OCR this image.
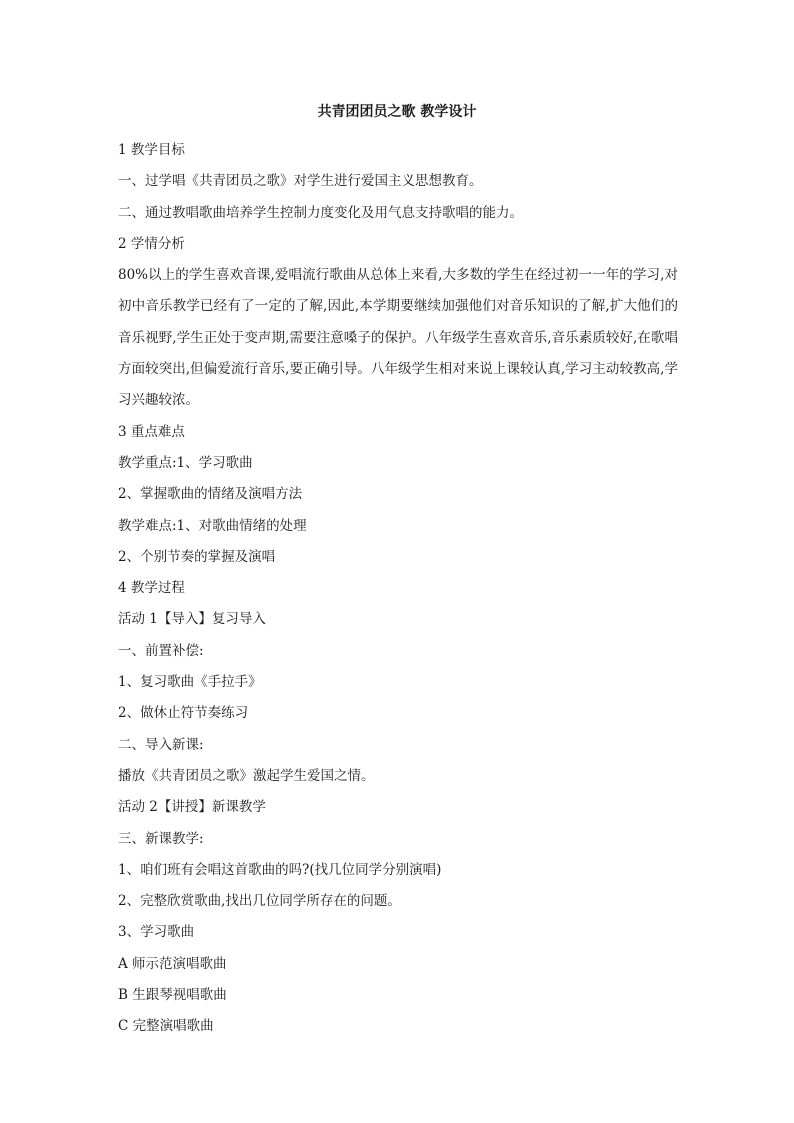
共青团团员之歌 教学设计
1 教学目标
一、过学唱《共青团员之歌》对学生进行爱国主义思想教育。
二、通过教唱歌曲培养学生控制力度变化及用气息支持歌唱的能力。
2 学情分析
80%以上的学生喜欢音课,爱唱流行歌曲从总体上来看,大多数的学生在经过初一一年的学习,对初中音乐教学已经有了一定的了解,因此,本学期要继续加强他们对音乐知识的了解,扩大他们的音乐视野,学生正处于变声期,需要注意嗓子的保护。八年级学生喜欢音乐,音乐素质较好,在歌唱方面较突出,但偏爱流行音乐,要正确引导。八年级学生相对来说上课较认真,学习主动较教高,学习兴趣较浓。
3 重点难点
教学重点:1、学习歌曲
2、掌握歌曲的情绪及演唱方法
教学难点:1、对歌曲情绪的处理
2、个别节奏的掌握及演唱
4 教学过程
活动 1【导入】复习导入
一、前置补偿:
1、复习歌曲《手拉手》
2、做休止符节奏练习
二、导入新课:
播放《共青团员之歌》激起学生爱国之情。
活动 2【讲授】新课教学
三、新课教学:
1、咱们班有会唱这首歌曲的吗?(找几位同学分别演唱)
2、完整欣赏歌曲,找出几位同学所存在的问题。
3、学习歌曲
A 师示范演唱歌曲
B 生跟琴视唱歌曲
C 完整演唱歌曲
